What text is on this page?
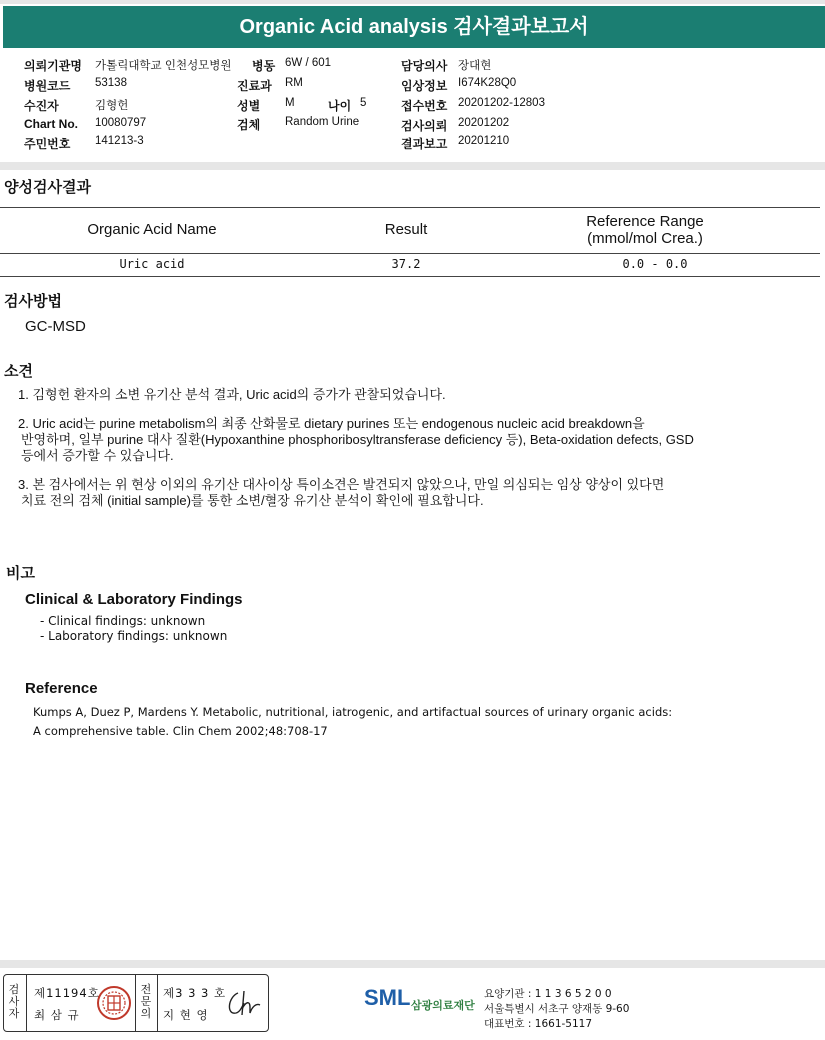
Organic Acid analysis 검사결과보고서
의뢰기관명 가톨릭대학교 인천성모병원 병동 6W / 601	담당의사 장대현
병원코드 53138	진료과 RM	임상정보 I674K28Q0
수진자	김형헌	성별 M	나이 5	접수번호 20201202-12803
Chart No. 10080797	검체 Random Urine	검사의뢰 20201202
주민번호 141213-3	결과보고 20201210
양성검사결과
Organic Acid Name	Result	Reference Range
(mmol/mol Crea.)
Uric acid	37.2	0.0 - 0.0
검사방법
GC-MSD
소견
1. 김형헌 환자의 소변 유기산 분석 결과, Uric acid의 증가가 관찰되었습니다.
2. Uric acid는 purine metabolism의 최종 산화물로 dietary purines 또는 endogenous nucleic acid breakdown을
반영하며, 일부 purine 대사 질환(Hypoxanthine phosphoribosyltransferase deficiency 등), Beta-oxidation defects, GSD
등에서 증가할 수 있습니다.
3. 본 검사에서는 위 현상 이외의 유기산 대사이상 특이소견은 발견되지 않았으나, 만일 의심되는 임상 양상이 있다면
치료 전의 검체 (initial sample)를 통한 소변/혈장 유기산 분석이 확인에 필요합니다.
비고
Clinical & Laboratory Findings
- Clinical findings: unknown
- Laboratory findings: unknown
Reference
Kumps A, Duez P, Mardens Y. Metabolic, nutritional, iatrogenic, and artifactual sources of urinary organic acids:
A comprehensive table. Clin Chem 2002;48:708-17
검사자
제11194호
최 삼 규
전문의
제3 3 3 호
지 현 영
SML 삼광의료재단
요양기관 : 1 1 3 6 5 2 0 0
서울특별시 서초구 양재동 9-60
대표번호 : 1661-5117
